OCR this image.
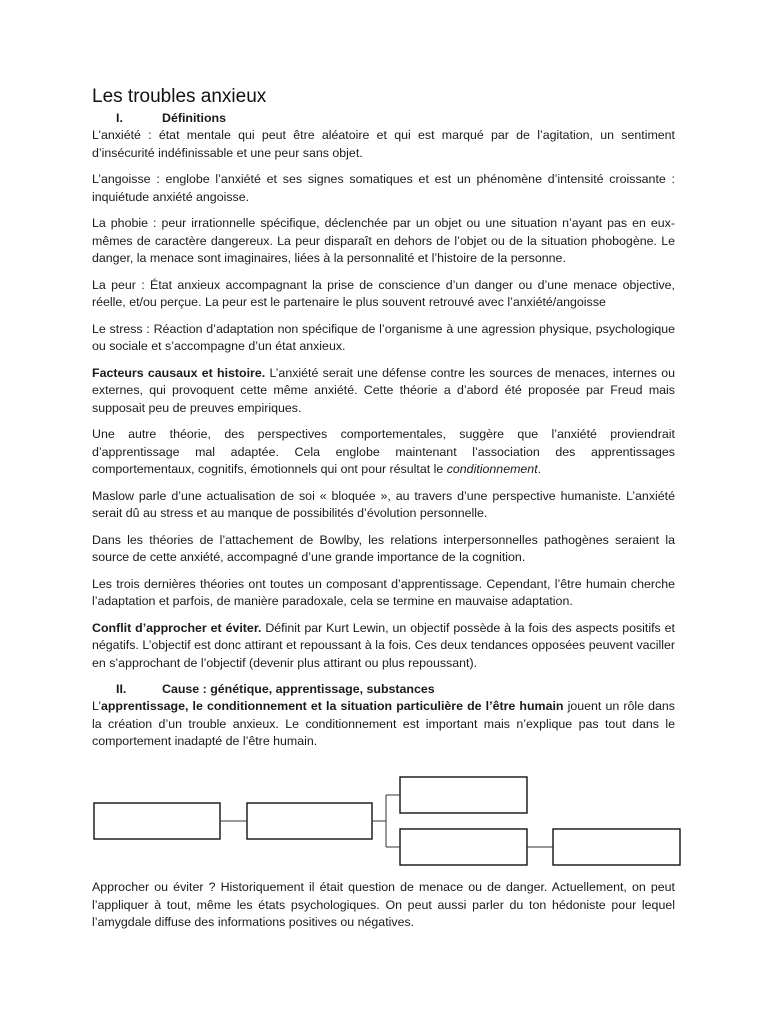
Les troubles anxieux
I.	Définitions

L’anxiété : état mentale qui peut être aléatoire et qui est marqué par de l’agitation, un sentiment d’insécurité indéfinissable et une peur sans objet.

L’angoisse : englobe l’anxiété et ses signes somatiques et est un phénomène d’intensité croissante : inquiétude anxiété angoisse.

La phobie : peur irrationnelle spécifique, déclenchée par un objet ou une situation n’ayant pas en eux-mêmes de caractère dangereux. La peur disparaît en dehors de l’objet ou de la situation phobogène. Le danger, la menace sont imaginaires, liées à la personnalité et l’histoire de la personne.

La peur : État anxieux accompagnant la prise de conscience d’un danger ou d’une menace objective, réelle, et/ou perçue. La peur est le partenaire le plus souvent retrouvé avec l’anxiété/angoisse

Le stress : Réaction d’adaptation non spécifique de l’organisme à une agression physique, psychologique ou sociale et s’accompagne d’un état anxieux.

Facteurs causaux et histoire. L’anxiété serait une défense contre les sources de menaces, internes ou externes, qui provoquent cette même anxiété. Cette théorie a d’abord été proposée par Freud mais supposait peu de preuves empiriques.

Une autre théorie, des perspectives comportementales, suggère que l’anxiété proviendrait d’apprentissage mal adaptée. Cela englobe maintenant l’association des apprentissages comportementaux, cognitifs, émotionnels qui ont pour résultat le conditionnement.

Maslow parle d’une actualisation de soi « bloquée », au travers d’une perspective humaniste. L’anxiété serait dû au stress et au manque de possibilités d’évolution personnelle.

Dans les théories de l’attachement de Bowlby, les relations interpersonnelles pathogènes seraient la source de cette anxiété, accompagné d’une grande importance de la cognition.

Les trois dernières théories ont toutes un composant d’apprentissage. Cependant, l’être humain cherche l’adaptation et parfois, de manière paradoxale, cela se termine en mauvaise adaptation.

Conflit d’approcher et éviter. Définit par Kurt Lewin, un objectif possède à la fois des aspects positifs et négatifs. L’objectif est donc attirant et repoussant à la fois. Ces deux tendances opposées peuvent vaciller en s’approchant de l’objectif (devenir plus attirant ou plus repoussant).

II.	Cause : génétique, apprentissage, substances

L’apprentissage, le conditionnement et la situation particulière de l’être humain jouent un rôle dans la création d’un trouble anxieux. Le conditionnement est important mais n’explique pas tout dans le comportement inadapté de l’être humain.

Approcher ou éviter ? Historiquement il était question de menace ou de danger. Actuellement, on peut l’appliquer à tout, même les états psychologiques. On peut aussi parler du ton hédoniste pour lequel l’amygdale diffuse des informations positives ou négatives.
